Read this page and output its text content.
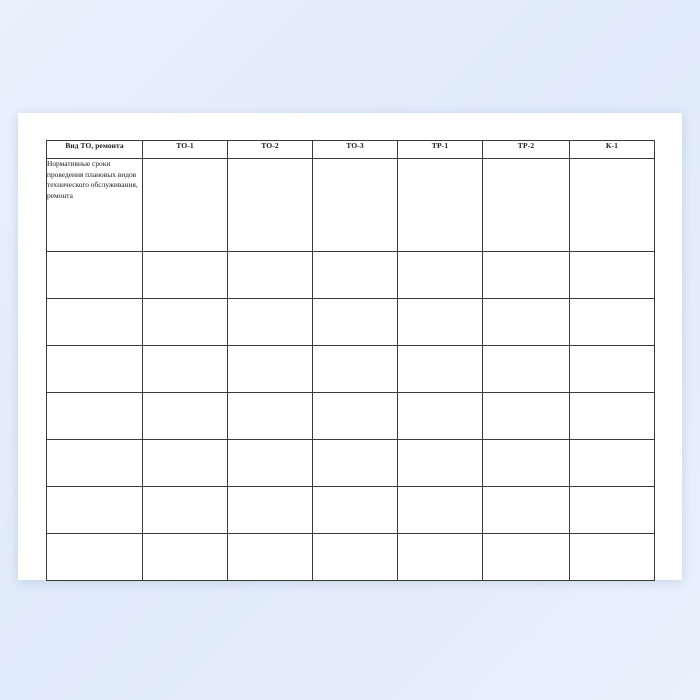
Вид ТО, ремонта	ТО-1	ТО-2	ТО-3	ТР-1	ТР-2	К-1

Нормативные сроки проведения плановых видов технического обслуживания, ремонта						
